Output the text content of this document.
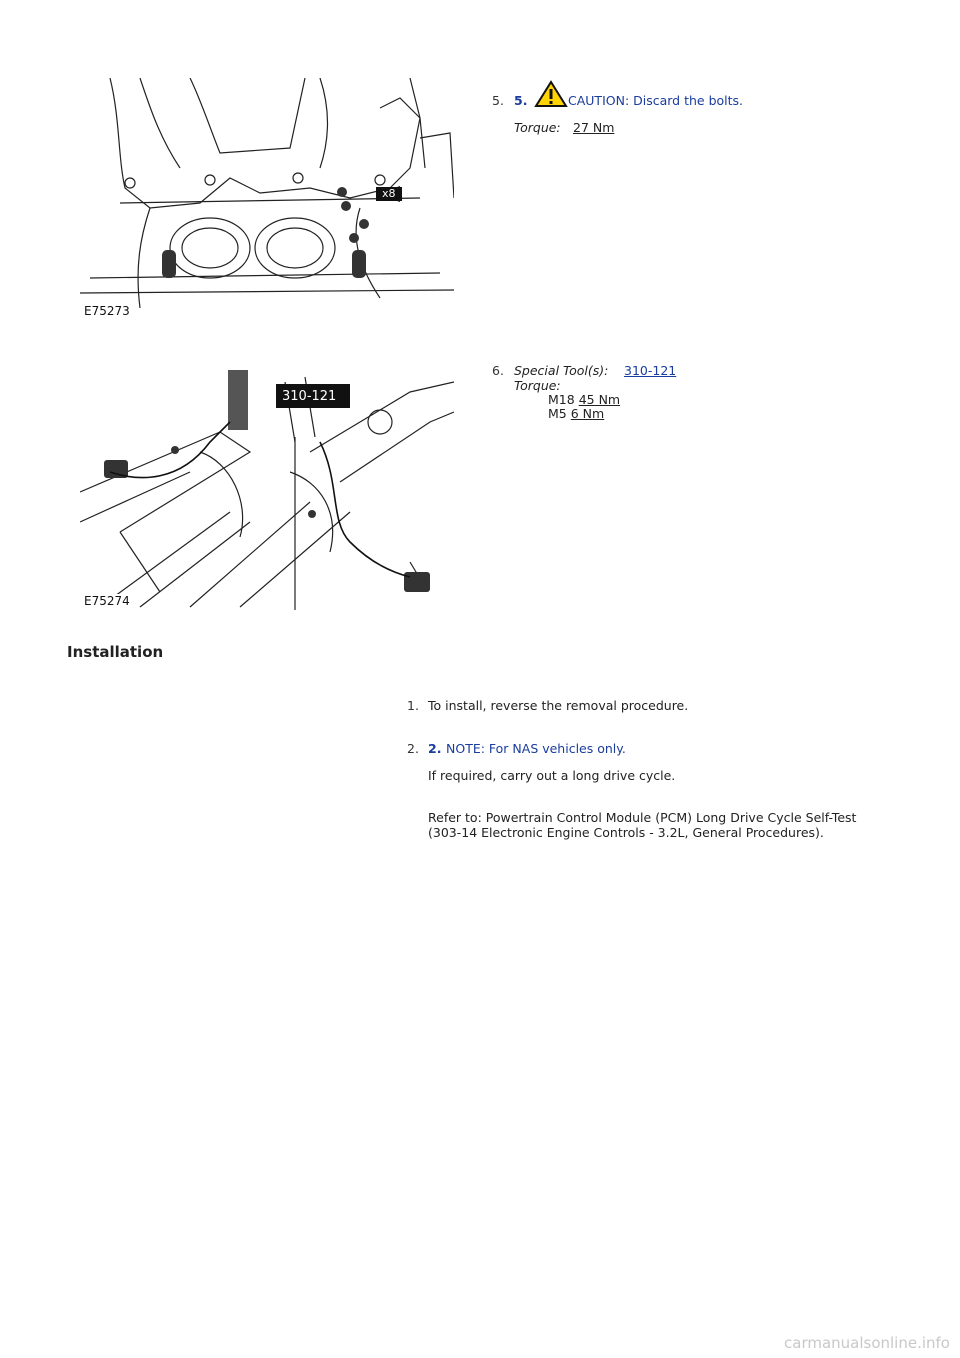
x8
E75273
5. 5.	CAUTION: Discard the bolts.
Torque: 27 Nm
310-121
E75274
6. Special Tool(s): 310-121
Torque:
M18 45 Nm
M5 6 Nm
Installation
1. To install, reverse the removal procedure.
2. 2. NOTE: For NAS vehicles only.
If required, carry out a long drive cycle.
Refer to: Powertrain Control Module (PCM) Long Drive Cycle Self-Test
(303-14 Electronic Engine Controls - 3.2L, General Procedures).
carmanualsonline.info
